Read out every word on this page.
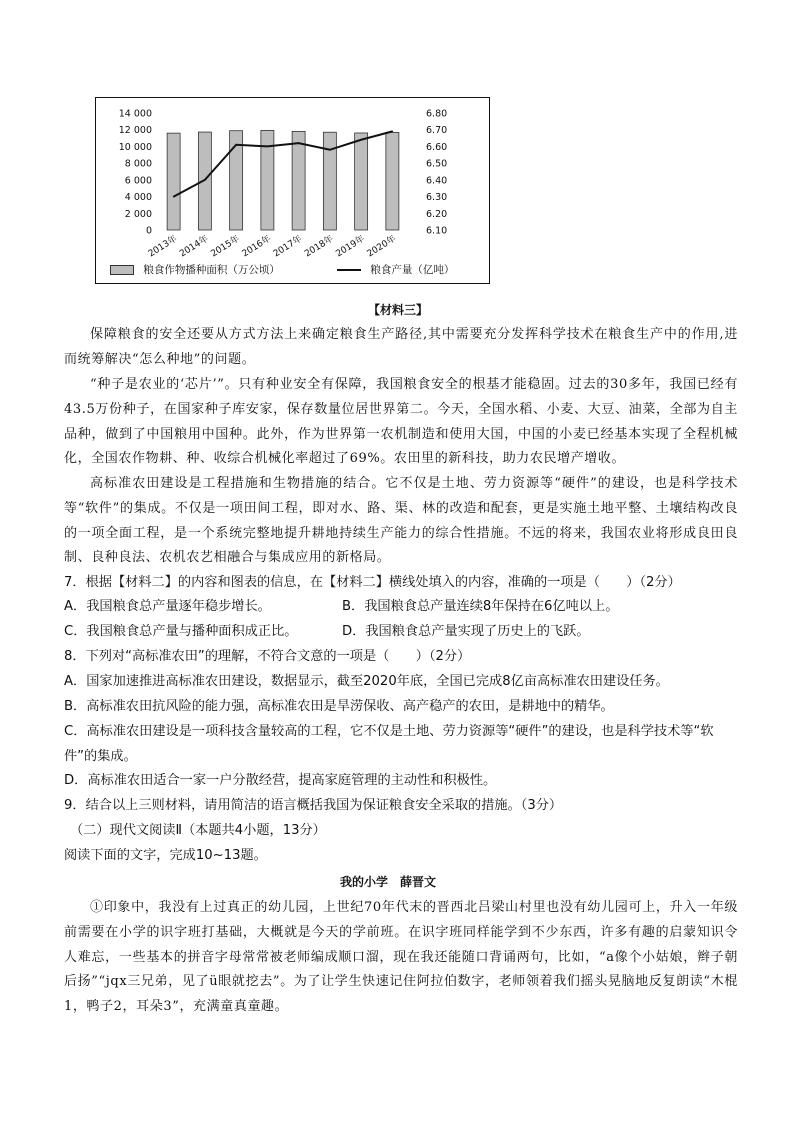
14 000
12 000
10 000
8 000
6 000
4 000
2 000
0
6.80
6.70
6.60
6.50
6.40
6.30
6.20
6.10
2013年
2014年
2015年
2016年
2017年
2018年
2019年
2020年
粮食作物播种面积（万公顷）	粮食产量（亿吨）
【材料三】
保障粮食的安全还要从方式方法上来确定粮食生产路径,其中需要充分发挥科学技术在粮食生产中的作用,进而统筹解决“怎么种地”的问题。
“种子是农业的‘芯片’”。只有种业安全有保障，我国粮食安全的根基才能稳固。过去的30多年，我国已经有43.5万份种子，在国家种子库安家，保存数量位居世界第二。今天，全国水稻、小麦、大豆、油菜，全部为自主品种，做到了中国粮用中国种。此外，作为世界第一农机制造和使用大国，中国的小麦已经基本实现了全程机械化，全国农作物耕、种、收综合机械化率超过了69%。农田里的新科技，助力农民增产增收。
高标准农田建设是工程措施和生物措施的结合。它不仅是土地、劳力资源等“硬件”的建设，也是科学技术等“软件”的集成。不仅是一项田间工程，即对水、路、渠、林的改造和配套，更是实施土地平整、土壤结构改良的一项全面工程，是一个系统完整地提升耕地持续生产能力的综合性措施。不远的将来，我国农业将形成良田良制、良种良法、农机农艺相融合与集成应用的新格局。
7．根据【材料二】的内容和图表的信息，在【材料二】横线处填入的内容，准确的一项是（　　）（2分）
A．我国粮食总产量逐年稳步增长。	B．我国粮食总产量连续8年保持在6亿吨以上。
C．我国粮食总产量与播种面积成正比。	D．我国粮食总产量实现了历史上的飞跃。
8．下列对“高标准农田”的理解，不符合文意的一项是（　　）（2分）
A．国家加速推进高标准农田建设，数据显示，截至2020年底，全国已完成8亿亩高标准农田建设任务。
B．高标准农田抗风险的能力强，高标准农田是旱涝保收、高产稳产的农田，是耕地中的精华。
C．高标准农田建设是一项科技含量较高的工程，它不仅是土地、劳力资源等“硬件”的建设，也是科学技术等“软件”的集成。
D．高标准农田适合一家一户分散经营，提高家庭管理的主动性和积极性。
9．结合以上三则材料，请用简洁的语言概括我国为保证粮食安全采取的措施。（3分）
（二）现代文阅读Ⅱ（本题共4小题，13分）
阅读下面的文字，完成10~13题。
我的小学　薛晋文
①印象中，我没有上过真正的幼儿园，上世纪70年代末的晋西北吕梁山村里也没有幼儿园可上，升入一年级前需要在小学的识字班打基础，大概就是今天的学前班。在识字班同样能学到不少东西，许多有趣的启蒙知识令人难忘，一些基本的拼音字母常常被老师编成顺口溜，现在我还能随口背诵两句，比如，“a像个小姑娘，辫子朝后扬”“jqx三兄弟，见了ü眼就挖去”。为了让学生快速记住阿拉伯数字，老师领着我们摇头晃脑地反复朗读“木棍1，鸭子2，耳朵3”，充满童真童趣。
